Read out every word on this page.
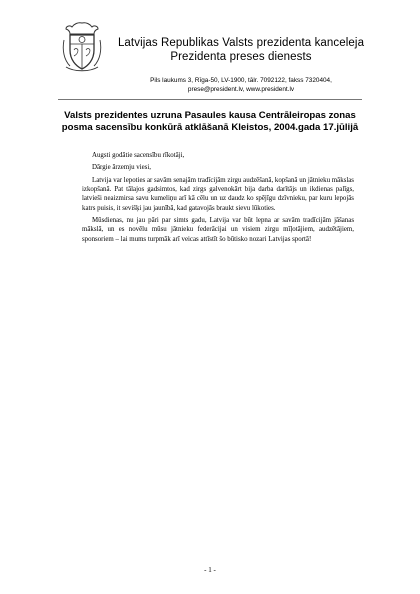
Latvijas Republikas Valsts prezidenta kanceleja
Prezidenta preses dienests
Pils laukums 3, Rīga-50, LV-1900, tālr. 7092122, fakss 7320404,
prese@president.lv, www.president.lv
Valsts prezidentes uzruna Pasaules kausa Centrāleiropas zonas
posma sacensību konkūrā atklāšanā Kleistos, 2004.gada 17.jūlijā

Augsti godātie sacensību rīkotāji,

Dārgie ārzemju viesi,

Latvija var lepoties ar savām senajām tradīcijām zirgu audzēšanā, kopšanā un jātnieku mākslas izkopšanā. Pat tālajos gadsimtos, kad zirgs galvenokārt bija darba darītājs un ikdienas palīgs, latvieši neaizmirsa savu kumeliņu arī kā cēlu un uz daudz ko spējīgu dzīvnieku, par kuru lepojās katrs puisis, it sevišķi jau jaunībā, kad gatavojās braukt sievu lūkoties.

Mūsdienas, nu jau pāri par simts gadu, Latvija var būt lepna ar savām tradīcijām jāšanas mākslā, un es novēlu mūsu jātnieku federācijai un visiem zirgu mīļotājiem, audzētājiem, sponsoriem – lai mums turpmāk arī veicas attīstīt šo būtisko nozari Latvijas sportā!

- 1 -
